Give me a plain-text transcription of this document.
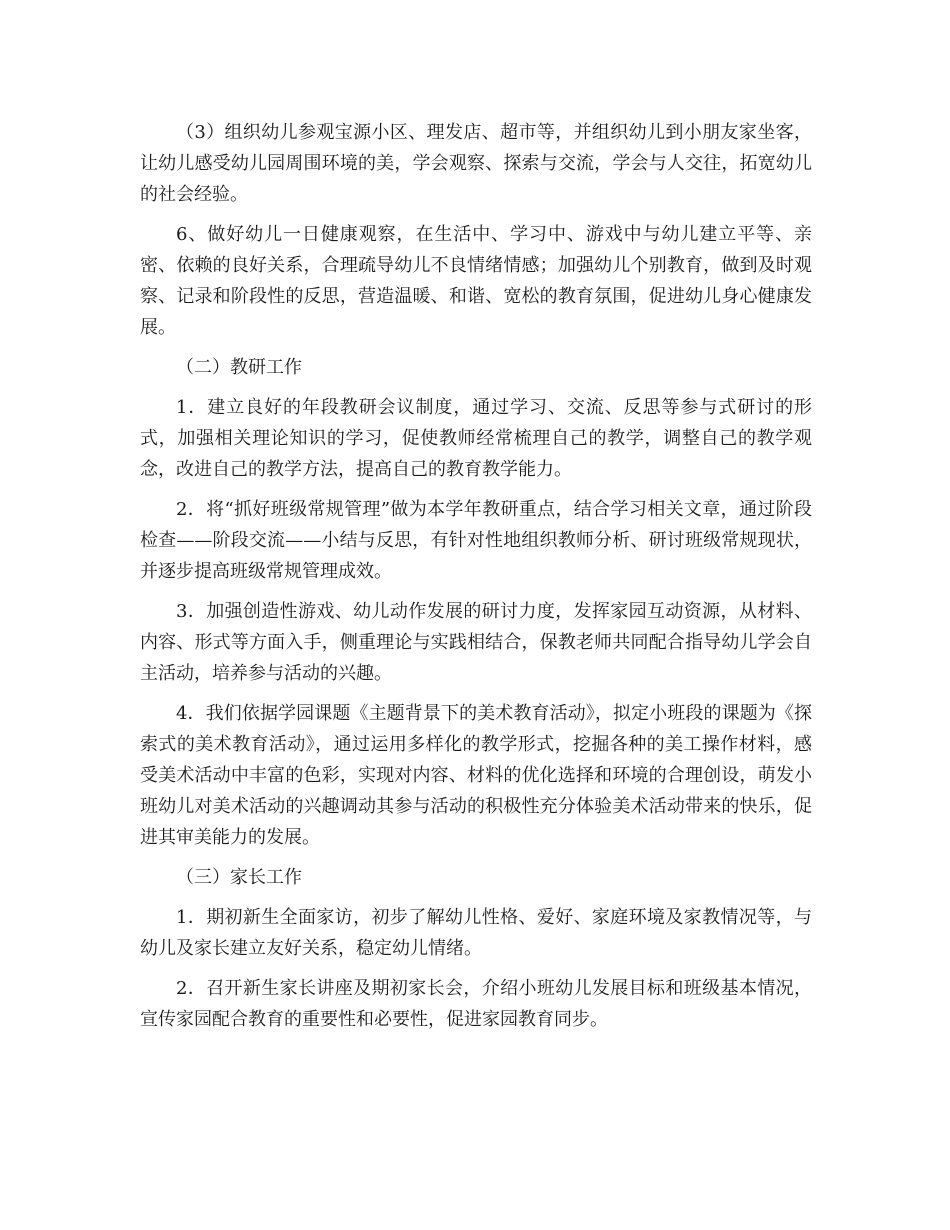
（3）组织幼儿参观宝源小区、理发店、超市等，并组织幼儿到小朋友家坐客，让幼儿感受幼儿园周围环境的美，学会观察、探索与交流，学会与人交往，拓宽幼儿的社会经验。

6、做好幼儿一日健康观察，在生活中、学习中、游戏中与幼儿建立平等、亲密、依赖的良好关系，合理疏导幼儿不良情绪情感；加强幼儿个别教育，做到及时观察、记录和阶段性的反思，营造温暖、和谐、宽松的教育氛围，促进幼儿身心健康发展。

（二）教研工作

1．建立良好的年段教研会议制度，通过学习、交流、反思等参与式研讨的形式，加强相关理论知识的学习，促使教师经常梳理自己的教学，调整自己的教学观念，改进自己的教学方法，提高自己的教育教学能力。

2．将“抓好班级常规管理”做为本学年教研重点，结合学习相关文章，通过阶段检查——阶段交流——小结与反思，有针对性地组织教师分析、研讨班级常规现状，并逐步提高班级常规管理成效。

3．加强创造性游戏、幼儿动作发展的研讨力度，发挥家园互动资源，从材料、内容、形式等方面入手，侧重理论与实践相结合，保教老师共同配合指导幼儿学会自主活动，培养参与活动的兴趣。

4．我们依据学园课题《主题背景下的美术教育活动》，拟定小班段的课题为《探索式的美术教育活动》，通过运用多样化的教学形式，挖掘各种的美工操作材料，感受美术活动中丰富的色彩，实现对内容、材料的优化选择和环境的合理创设，萌发小班幼儿对美术活动的兴趣调动其参与活动的积极性充分体验美术活动带来的快乐，促进其审美能力的发展。

（三）家长工作

1．期初新生全面家访，初步了解幼儿性格、爱好、家庭环境及家教情况等，与幼儿及家长建立友好关系，稳定幼儿情绪。

2．召开新生家长讲座及期初家长会，介绍小班幼儿发展目标和班级基本情况，宣传家园配合教育的重要性和必要性，促进家园教育同步。
